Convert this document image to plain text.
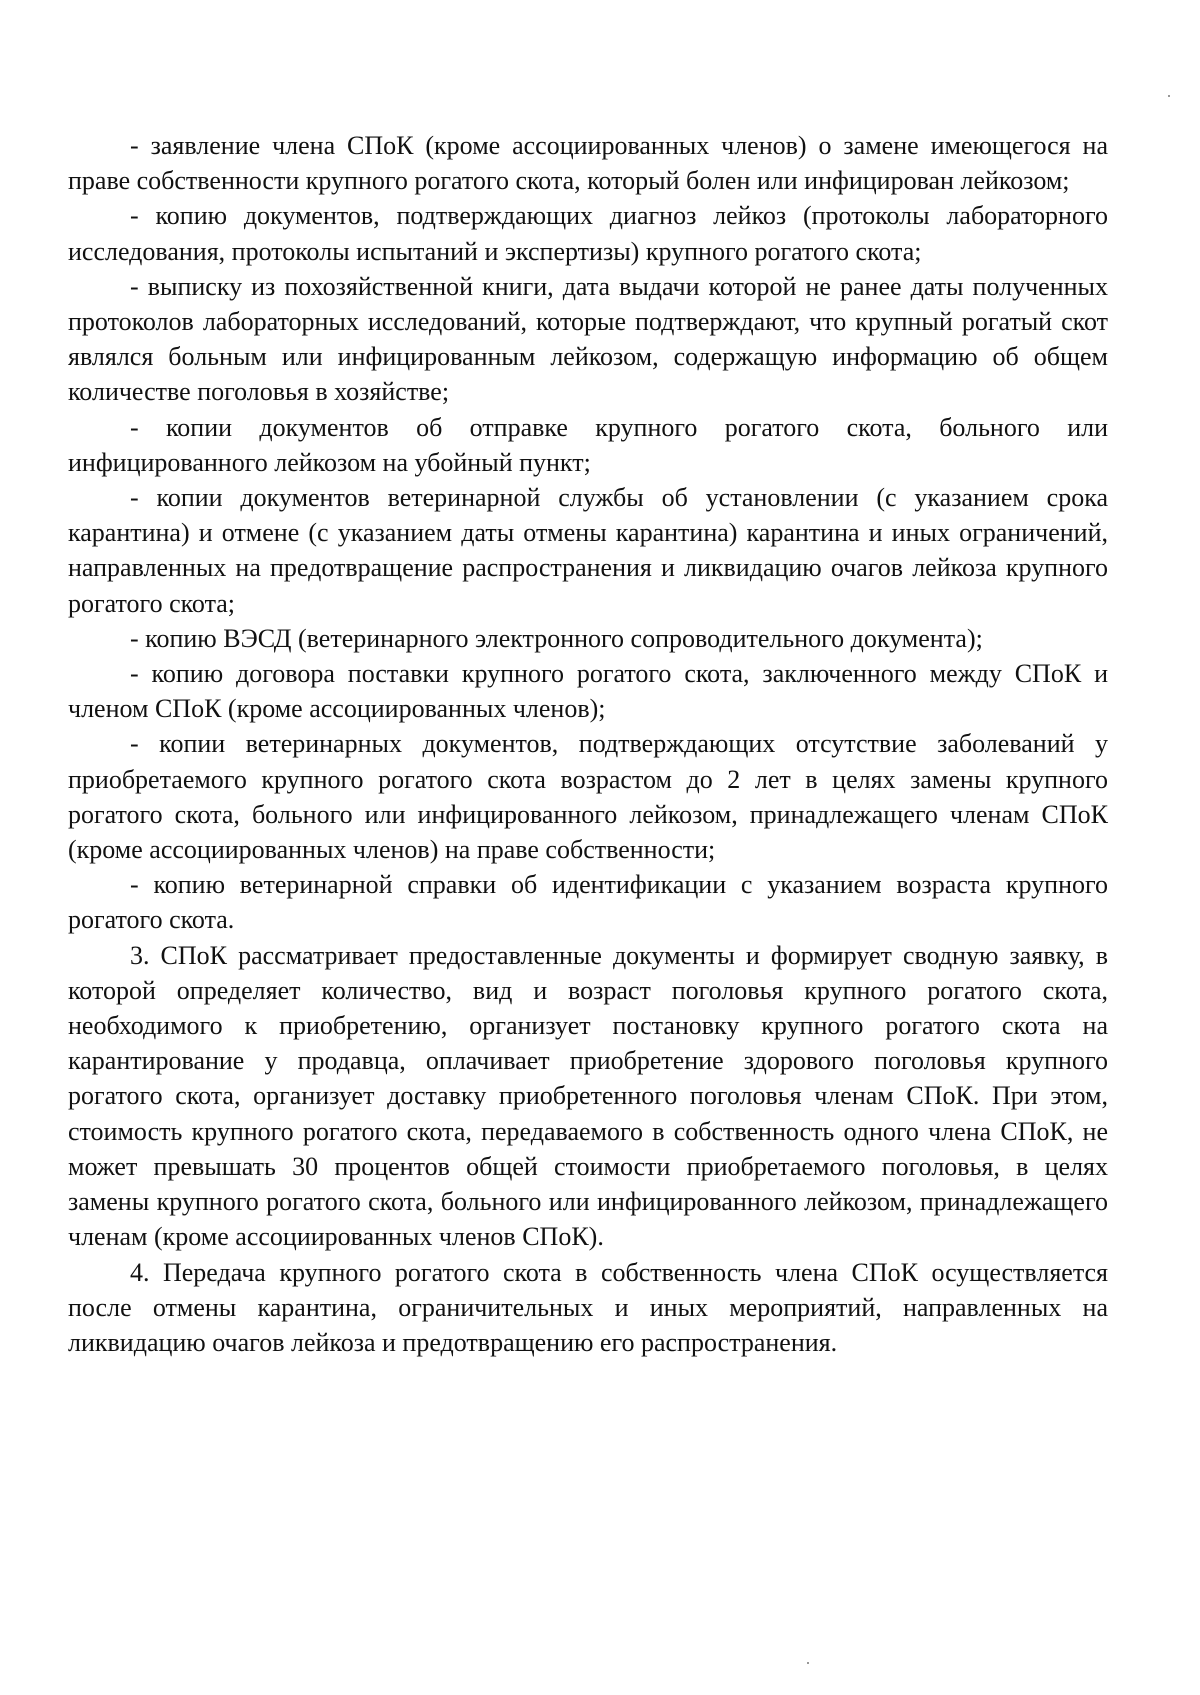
- заявление члена СПоК (кроме ассоциированных членов) о замене имеющегося на праве собственности крупного рогатого скота, который болен или инфицирован лейкозом;

- копию документов, подтверждающих диагноз лейкоз (протоколы лабораторного исследования, протоколы испытаний и экспертизы) крупного рогатого скота;

- выписку из похозяйственной книги, дата выдачи которой не ранее даты полученных протоколов лабораторных исследований, которые подтверждают, что крупный рогатый скот являлся больным или инфицированным лейкозом, содержащую информацию об общем количестве поголовья в хозяйстве;

- копии документов об отправке крупного рогатого скота, больного или инфицированного лейкозом на убойный пункт;

- копии документов ветеринарной службы об установлении (с указанием срока карантина) и отмене (с указанием даты отмены карантина) карантина и иных ограничений, направленных на предотвращение распространения и ликвидацию очагов лейкоза крупного рогатого скота;

- копию ВЭСД (ветеринарного электронного сопроводительного документа);

- копию договора поставки крупного рогатого скота, заключенного между СПоК и членом СПоК (кроме ассоциированных членов);

- копии ветеринарных документов, подтверждающих отсутствие заболеваний у приобретаемого крупного рогатого скота возрастом до 2 лет в целях замены крупного рогатого скота, больного или инфицированного лейкозом, принадлежащего членам СПоК (кроме ассоциированных членов) на праве собственности;

- копию ветеринарной справки об идентификации с указанием возраста крупного рогатого скота.

3. СПоК рассматривает предоставленные документы и формирует сводную заявку, в которой определяет количество, вид и возраст поголовья крупного рогатого скота, необходимого к приобретению, организует постановку крупного рогатого скота на карантирование у продавца, оплачивает приобретение здорового поголовья крупного рогатого скота, организует доставку приобретенного поголовья членам СПоК. При этом, стоимость крупного рогатого скота, передаваемого в собственность одного члена СПоК, не может превышать 30 процентов общей стоимости приобретаемого поголовья, в целях замены крупного рогатого скота, больного или инфицированного лейкозом, принадлежащего членам (кроме ассоциированных членов СПоК).

4. Передача крупного рогатого скота в собственность члена СПоК осуществляется после отмены карантина, ограничительных и иных мероприятий, направленных на ликвидацию очагов лейкоза и предотвращению его распространения.
